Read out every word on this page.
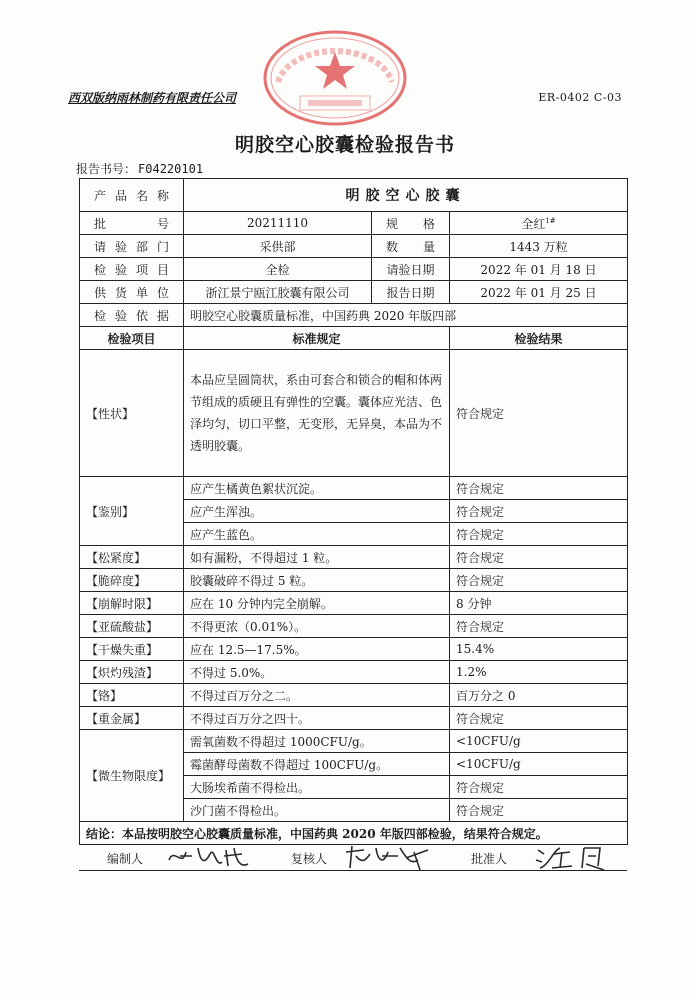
西双版纳雨林制药有限责任公司	ER-0402 C-03
明胶空心胶囊检验报告书
报告书号： F04220101
产品名称	明胶空心胶囊		
批号	20211110	规格	全红$^{1\#}$
请验部门	采供部	数量	1443 万粒
检验项目	全检	请验日期	2022 年 01 月 18 日
供货单位	浙江景宁瓯江胶囊有限公司	报告日期	2022 年 01 月 25 日
检验依据	明胶空心胶囊质量标准，中国药典 2020 年版四部		
检验项目	标准规定		检验结果
【性状】	本品应呈圆筒状，系由可套合和锁合的帽和体两节组成的质硬且有弹性的空囊。囊体应光洁、色泽均匀，切口平整，无变形，无异臭，本品为不透明胶囊。		符合规定
【鉴别】	应产生橘黄色絮状沉淀。		符合规定
	应产生浑浊。		符合规定
	应产生蓝色。		符合规定
【松紧度】	如有漏粉，不得超过 1 粒。		符合规定
【脆碎度】	胶囊破碎不得过 5 粒。		符合规定
【崩解时限】	应在 10 分钟内完全崩解。		8 分钟
【亚硫酸盐】	不得更浓（0.01%）。		符合规定
【干燥失重】	应在 12.5—17.5%。		15.4%
【炽灼残渣】	不得过 5.0%。		1.2%
【铬】	不得过百万分之二。		百万分之 0
【重金属】	不得过百万分之四十。		符合规定
【微生物限度】	需氧菌数不得超过 1000CFU/g。		<10CFU/g
	霉菌酵母菌数不得超过 100CFU/g。		<10CFU/g
	大肠埃希菌不得检出。		符合规定
	沙门菌不得检出。		符合规定
结论：本品按明胶空心胶囊质量标准，中国药典 2020 年版四部检验，结果符合规定。			
编制人	复核人	批准人
